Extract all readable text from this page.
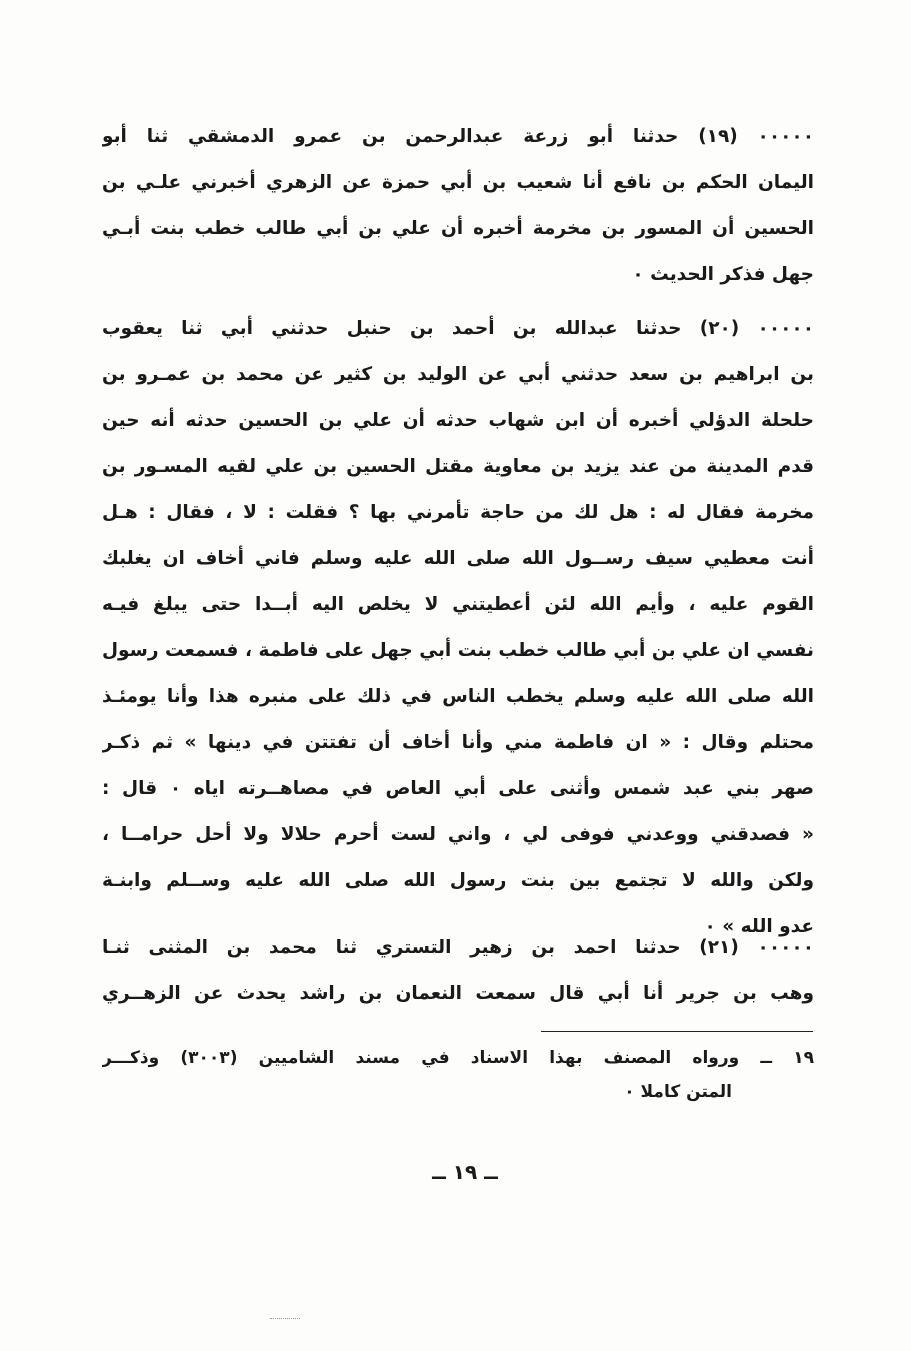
٠٠٠٠٠ (١٩) حدثنا أبو زرعة عبدالرحمن بن عمرو الدمشقي ثنا أبو
اليمان الحكم بن نافع أنا شعيب بن أبي حمزة عن الزهري أخبرني علـي بن
الحسين أن المسور بن مخرمة أخبره أن علي بن أبي طالب خطب بنت أبـي
جهل فذكر الحديث ٠
٠٠٠٠٠ (٢٠) حدثنا عبدالله بن أحمد بن حنبل حدثني أبي ثنا يعقوب
بن ابراهيم بن سعد حدثني أبي عن الوليد بن كثير عن محمد بن عمـرو بن
حلحلة الدؤلي أخبره أن ابن شهاب حدثه أن علي بن الحسين حدثه أنه حين
قدم المدينة من عند يزيد بن معاوية مقتل الحسين بن علي لقيه المسـور بن
مخرمة فقال له : هل لك من حاجة تأمرني بها ؟ فقلت : لا ، فقال : هـل
أنت معطيي سيف رســول الله صلى الله عليه وسلم فاني أخاف ان يغلبك
القوم عليه ، وأيم الله لئن أعطيتني لا يخلص اليه أبــدا حتى يبلغ فيـه
نفسي ان علي بن أبي طالب خطب بنت أبي جهل على فاطمة ، فسمعت رسول
الله صلى الله عليه وسلم يخطب الناس في ذلك على منبره هذا وأنا يومئـذ
محتلم وقال : « ان فاطمة مني وأنا أخاف أن تفتتن في دينها » ثم ذكـر
صهر بني عبد شمس وأثنى على أبي العاص في مصاهــرته اياه ٠ قال :
« فصدقني ووعدني فوفى لي ، واني لست أحرم حلالا ولا أحل حرامــا ،
ولكن والله لا تجتمع بين بنت رسول الله صلى الله عليه وســلم وابنـة
عدو الله » ٠
٠٠٠٠٠ (٢١) حدثنا احمد بن زهير التستري ثنا محمد بن المثنى ثنـا
وهب بن جرير أنا أبي قال سمعت النعمان بن راشد يحدث عن الزهــري
١٩ ــ ورواه المصنف بهذا الاسناد في مسند الشاميين (٣٠٠٣) وذكـــر
المتن كاملا ٠
ــ ١٩ ــ
